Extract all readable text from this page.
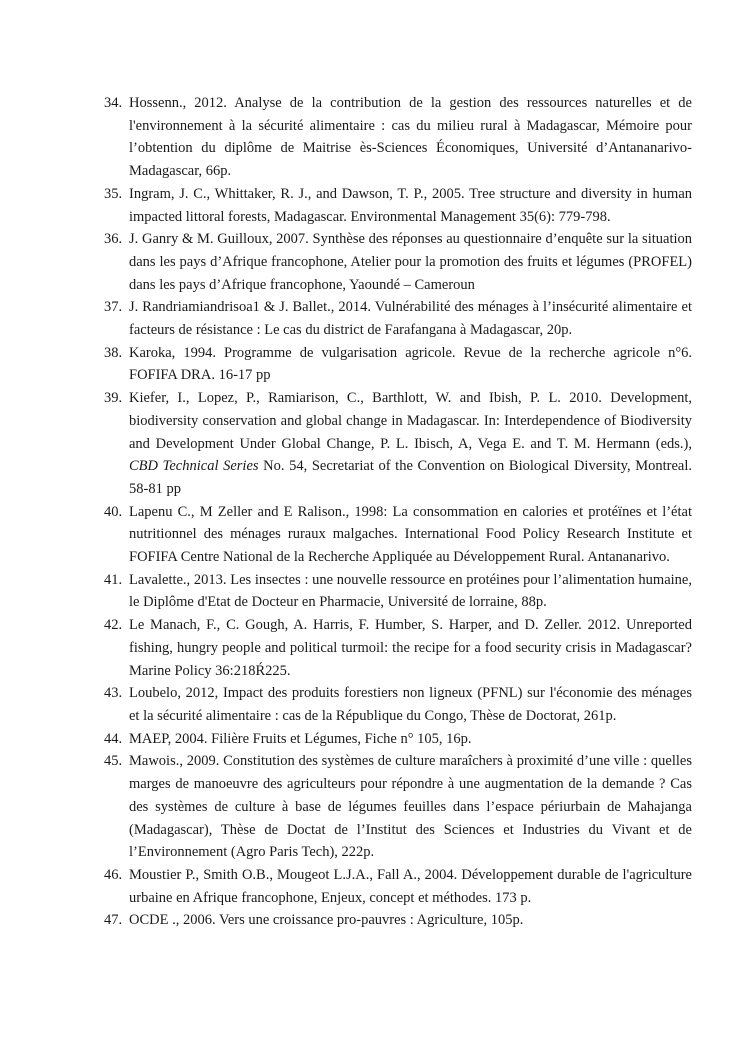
34. Hossenn., 2012. Analyse de la contribution de la gestion des ressources naturelles et de l'environnement à la sécurité alimentaire : cas du milieu rural à Madagascar, Mémoire pour l’obtention du diplôme de Maitrise ès-Sciences Économiques, Université d’Antananarivo-Madagascar, 66p.
35. Ingram, J. C., Whittaker, R. J., and Dawson, T. P., 2005. Tree structure and diversity in human impacted littoral forests, Madagascar. Environmental Management 35(6): 779-798.
36. J. Ganry & M. Guilloux, 2007. Synthèse des réponses au questionnaire d’enquête sur la situation dans les pays d’Afrique francophone, Atelier pour la promotion des fruits et légumes (PROFEL) dans les pays d’Afrique francophone, Yaoundé – Cameroun
37. J. Randriamiandrisoa1 & J. Ballet., 2014. Vulnérabilité des ménages à l’insécurité alimentaire et facteurs de résistance : Le cas du district de Farafangana à Madagascar, 20p.
38. Karoka, 1994. Programme de vulgarisation agricole. Revue de la recherche agricole n°6. FOFIFA DRA. 16-17 pp
39. Kiefer, I., Lopez, P., Ramiarison, C., Barthlott, W. and Ibish, P. L. 2010. Development, biodiversity conservation and global change in Madagascar. In: Interdependence of Biodiversity and Development Under Global Change, P. L. Ibisch, A, Vega E. and T. M. Hermann (eds.), CBD Technical Series No. 54, Secretariat of the Convention on Biological Diversity, Montreal. 58-81 pp
40. Lapenu C., M Zeller and E Ralison., 1998: La consommation en calories et protéïnes et l’état nutritionnel des ménages ruraux malgaches. International Food Policy Research Institute et FOFIFA Centre National de la Recherche Appliquée au Développement Rural. Antananarivo.
41. Lavalette., 2013. Les insectes : une nouvelle ressource en protéines pour l’alimentation humaine, le Diplôme d'Etat de Docteur en Pharmacie, Université de lorraine, 88p.
42. Le Manach, F., C. Gough, A. Harris, F. Humber, S. Harper, and D. Zeller. 2012. Unreported fishing, hungry people and political turmoil: the recipe for a food security crisis in Madagascar? Marine Policy 36:218Ŕ225.
43. Loubelo, 2012, Impact des produits forestiers non ligneux (PFNL) sur l'économie des ménages et la sécurité alimentaire : cas de la République du Congo, Thèse de Doctorat, 261p.
44. MAEP, 2004. Filière Fruits et Légumes, Fiche n° 105, 16p.
45. Mawois., 2009. Constitution des systèmes de culture maraîchers à proximité d’une ville : quelles marges de manoeuvre des agriculteurs pour répondre à une augmentation de la demande ? Cas des systèmes de culture à base de légumes feuilles dans l’espace périurbain de Mahajanga (Madagascar), Thèse de Doctat de l’Institut des Sciences et Industries du Vivant et de l’Environnement (Agro Paris Tech), 222p.
46. Moustier P., Smith O.B., Mougeot L.J.A., Fall A., 2004. Développement durable de l'agriculture urbaine en Afrique francophone, Enjeux, concept et méthodes. 173 p.
47. OCDE ., 2006. Vers une croissance pro-pauvres : Agriculture, 105p.
